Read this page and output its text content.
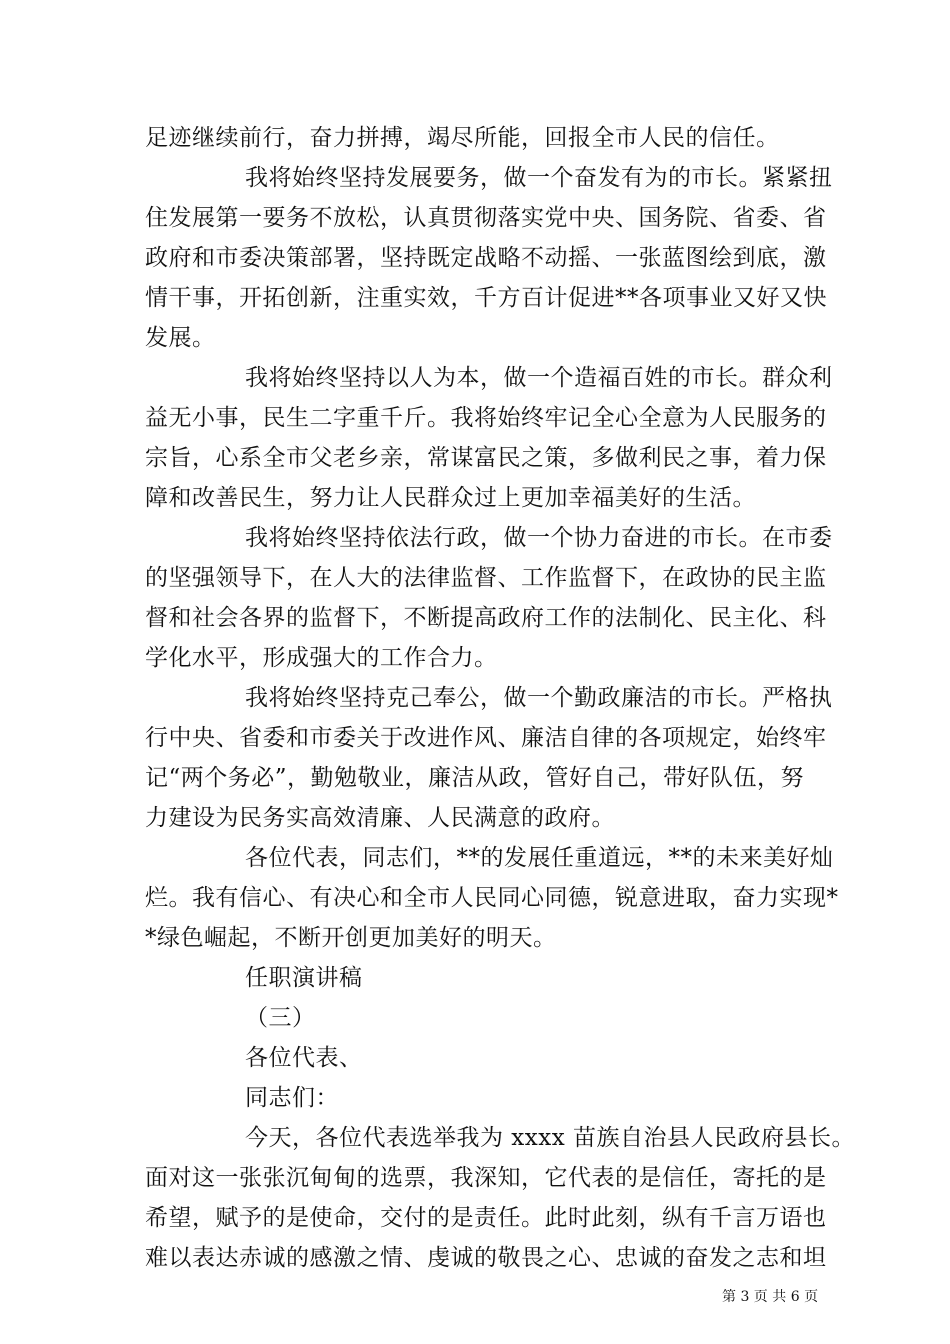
足迹继续前行，奋力拼搏，竭尽所能，回报全市人民的信任。
我将始终坚持发展要务，做一个奋发有为的市长。紧紧扭
住发展第一要务不放松，认真贯彻落实党中央、国务院、省委、省
政府和市委决策部署，坚持既定战略不动摇、一张蓝图绘到底，激
情干事，开拓创新，注重实效，千方百计促进**各项事业又好又快
发展。
我将始终坚持以人为本，做一个造福百姓的市长。群众利
益无小事，民生二字重千斤。我将始终牢记全心全意为人民服务的
宗旨，心系全市父老乡亲，常谋富民之策，多做利民之事，着力保
障和改善民生，努力让人民群众过上更加幸福美好的生活。
我将始终坚持依法行政，做一个协力奋进的市长。在市委
的坚强领导下，在人大的法律监督、工作监督下，在政协的民主监
督和社会各界的监督下，不断提高政府工作的法制化、民主化、科
学化水平，形成强大的工作合力。
我将始终坚持克己奉公，做一个勤政廉洁的市长。严格执
行中央、省委和市委关于改进作风、廉洁自律的各项规定，始终牢
记“两个务必”，勤勉敬业，廉洁从政，管好自己，带好队伍，努
力建设为民务实高效清廉、人民满意的政府。
各位代表，同志们，**的发展任重道远，**的未来美好灿
烂。我有信心、有决心和全市人民同心同德，锐意进取，奋力实现*
*绿色崛起，不断开创更加美好的明天。
任职演讲稿
（三）
各位代表、
同志们：
今天，各位代表选举我为 xxxx 苗族自治县人民政府县长。
面对这一张张沉甸甸的选票，我深知，它代表的是信任，寄托的是
希望，赋予的是使命，交付的是责任。此时此刻，纵有千言万语也
难以表达赤诚的感激之情、虔诚的敬畏之心、忠诚的奋发之志和坦
第 3 页 共 6 页
